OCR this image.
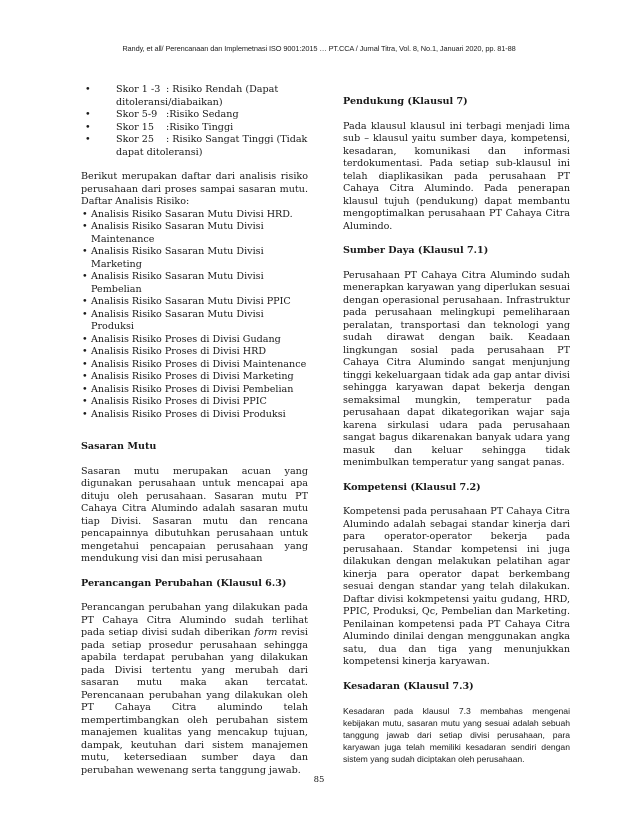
Randy, et all/ Perencanaan dan Implemetnasi ISO 9001:2015 … PT.CCA / Jurnal Titra, Vol. 8, No.1, Januari 2020, pp. 81-88
• Skor 1 -3 : Risiko Rendah (Dapat ditoleransi/diabaikan)
• Skor 5-9 :Risiko Sedang
• Skor 15 :Risiko Tinggi
• Skor 25 : Risiko Sangat Tinggi (Tidak dapat ditoleransi)

Berikut merupakan daftar dari analisis risiko perusahaan dari proses sampai sasaran mutu. Daftar Analisis Risiko:

• Analisis Risiko Sasaran Mutu Divisi HRD.
• Analisis Risiko Sasaran Mutu Divisi Maintenance
• Analisis Risiko Sasaran Mutu Divisi Marketing
• Analisis Risiko Sasaran Mutu Divisi Pembelian
• Analisis Risiko Sasaran Mutu Divisi PPIC
• Analisis Risiko Sasaran Mutu Divisi Produksi
• Analisis Risiko Proses di Divisi Gudang
• Analisis Risiko Proses di Divisi HRD
• Analisis Risiko Proses di Divisi Maintenance
• Analisis Risiko Proses di Divisi Marketing
• Analisis Risiko Proses di Divisi Pembelian
• Analisis Risiko Proses di Divisi PPIC
• Analisis Risiko Proses di Divisi Produksi

Sasaran Mutu

Sasaran mutu merupakan acuan yang digunakan perusahaan untuk mencapai apa dituju oleh perusahaan. Sasaran mutu PT Cahaya Citra Alumindo adalah sasaran mutu tiap Divisi. Sasaran mutu dan rencana pencapainnya dibutuhkan perusahaan untuk mengetahui pencapaian perusahaan yang mendukung visi dan misi perusahaan

Perancangan Perubahan (Klausul 6.3)

Perancangan perubahan yang dilakukan pada PT Cahaya Citra Alumindo sudah terlihat pada setiap divisi sudah diberikan form revisi pada setiap prosedur perusahaan sehingga apabila terdapat perubahan yang dilakukan pada Divisi tertentu yang merubah dari sasaran mutu maka akan tercatat. Perencanaan perubahan yang dilakukan oleh PT Cahaya Citra alumindo telah mempertimbangkan oleh perubahan sistem manajemen kualitas yang mencakup tujuan, dampak, keutuhan dari sistem manajemen mutu, ketersediaan sumber daya dan perubahan wewenang serta tanggung jawab.

Pendukung (Klausul 7)

Pada klausul klausul ini terbagi menjadi lima sub – klausul yaitu sumber daya, kompetensi, kesadaran, komunikasi dan informasi terdokumentasi. Pada setiap sub-klausul ini telah diaplikasikan pada perusahaan PT Cahaya Citra Alumindo. Pada penerapan klausul tujuh (pendukung) dapat membantu mengoptimalkan perusahaan PT Cahaya Citra Alumindo.

Sumber Daya (Klausul 7.1)

Perusahaan PT Cahaya Citra Alumindo sudah menerapkan karyawan yang diperlukan sesuai dengan operasional perusahaan. Infrastruktur pada perusahaan melingkupi pemeliharaan peralatan, transportasi dan teknologi yang sudah dirawat dengan baik. Keadaan lingkungan sosial pada perusahaan PT Cahaya Citra Alumindo sangat menjunjung tinggi kekeluargaan tidak ada gap antar divisi sehingga karyawan dapat bekerja dengan semaksimal mungkin, temperatur pada perusahaan dapat dikategorikan wajar saja karena sirkulasi udara pada perusahaan sangat bagus dikarenakan banyak udara yang masuk dan keluar sehingga tidak menimbulkan temperatur yang sangat panas.

Kompetensi (Klausul 7.2)

Kompetensi pada perusahaan PT Cahaya Citra Alumindo adalah sebagai standar kinerja dari para operator-operator bekerja pada perusahaan. Standar kompetensi ini juga dilakukan dengan melakukan pelatihan agar kinerja para operator dapat berkembang sesuai dengan standar yang telah dilakukan. Daftar divisi kokmpetensi yaitu gudang, HRD, PPIC, Produksi, Qc, Pembelian dan Marketing. Penilainan kompetensi pada PT Cahaya Citra Alumindo dinilai dengan menggunakan angka satu, dua dan tiga yang menunjukkan kompetensi kinerja karyawan.

Kesadaran (Klausul 7.3)

Kesadaran pada klausul 7.3 membahas mengenai kebijakan mutu, sasaran mutu yang sesuai adalah sebuah tanggung jawab dari setiap divisi perusahaan, para karyawan juga telah memiliki kesadaran sendiri dengan sistem yang sudah diciptakan oleh perusahaan.

85
